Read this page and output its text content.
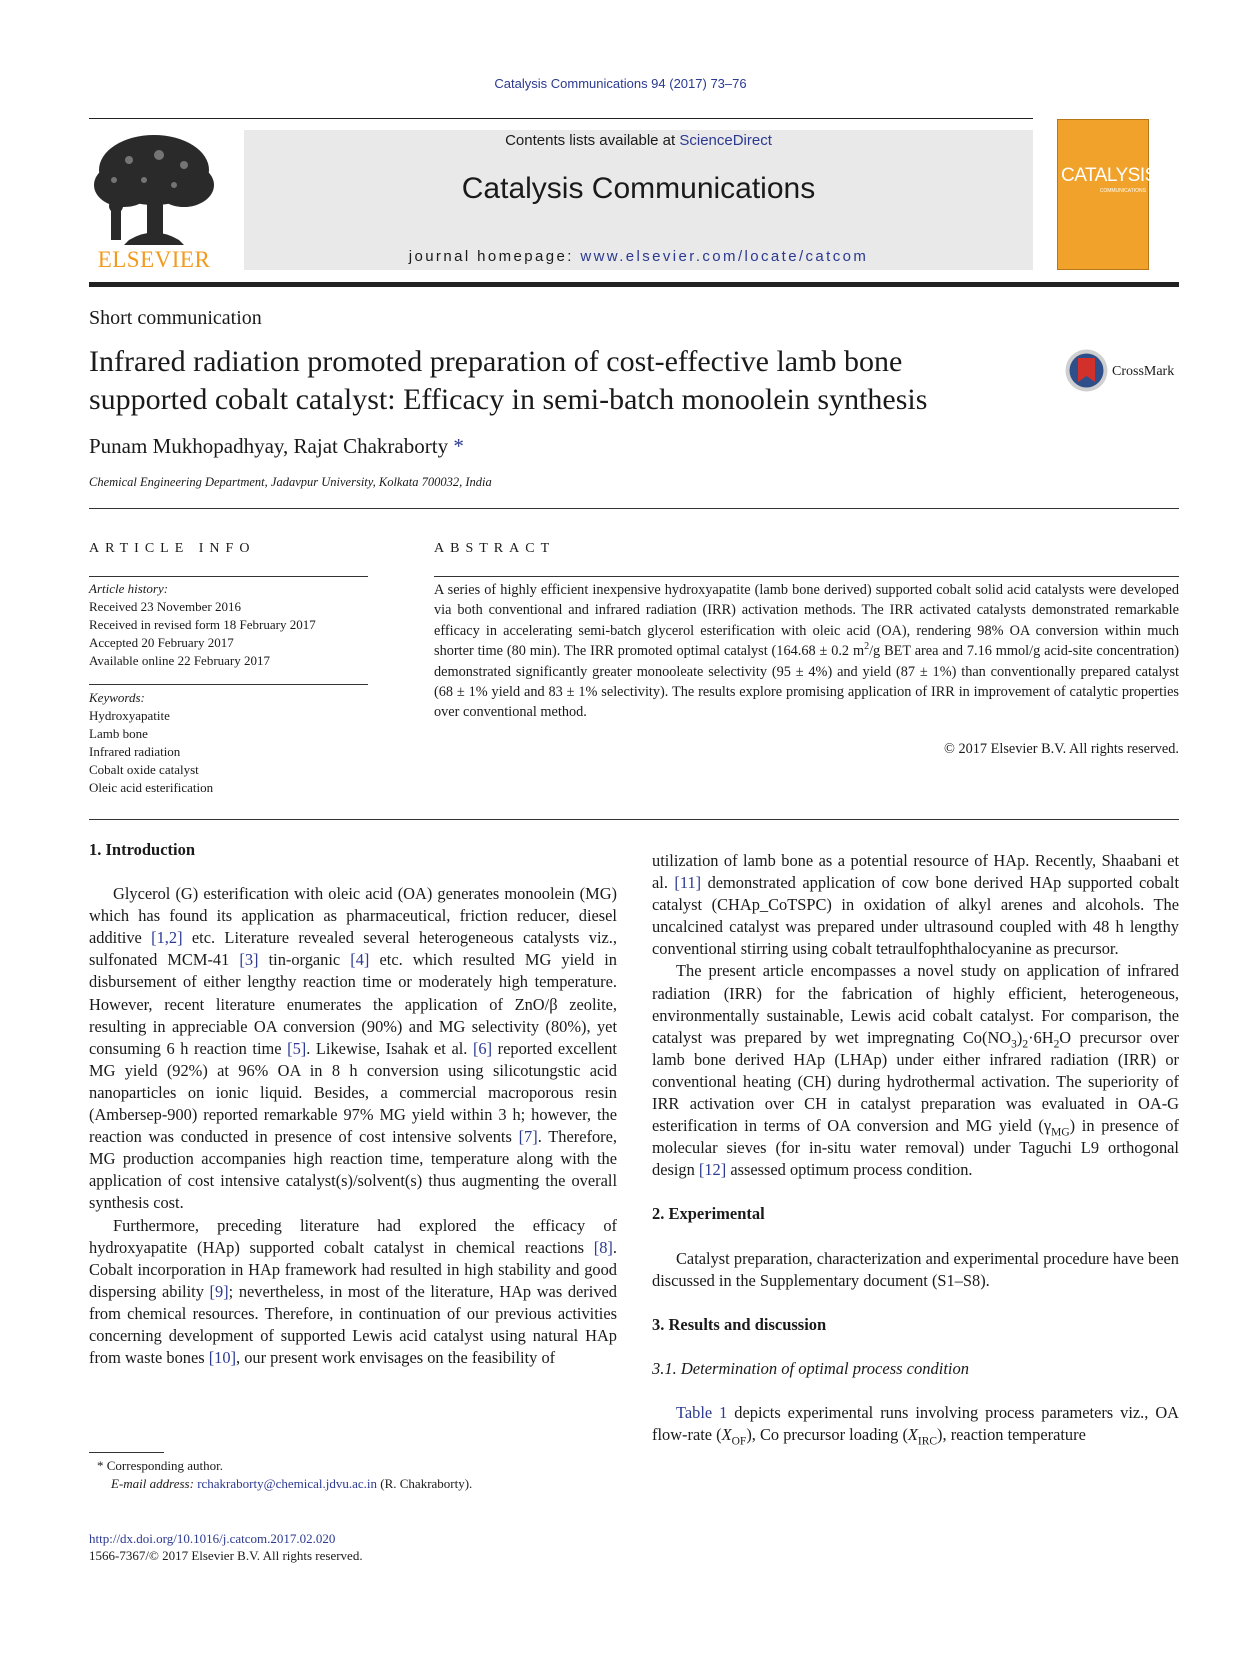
Catalysis Communications 94 (2017) 73–76
ELSEVIER
Contents lists available at ScienceDirect
Catalysis Communications
journal homepage: www.elsevier.com/locate/catcom
CATALYSIS
COMMUNICATIONS
Short communication
Infrared radiation promoted preparation of cost-effective lamb bone supported cobalt catalyst: Efficacy in semi-batch monoolein synthesis
CrossMark
Punam Mukhopadhyay, Rajat Chakraborty *
Chemical Engineering Department, Jadavpur University, Kolkata 700032, India
ARTICLE INFO	ABSTRACT
Article history:
Received 23 November 2016
Received in revised form 18 February 2017
Accepted 20 February 2017
Available online 22 February 2017
Keywords:
Hydroxyapatite
Lamb bone
Infrared radiation
Cobalt oxide catalyst
Oleic acid esterification
A series of highly efficient inexpensive hydroxyapatite (lamb bone derived) supported cobalt solid acid catalysts were developed via both conventional and infrared radiation (IRR) activation methods. The IRR activated catalysts demonstrated remarkable efficacy in accelerating semi-batch glycerol esterification with oleic acid (OA), rendering 98% OA conversion within much shorter time (80 min). The IRR promoted optimal catalyst (164.68 ± 0.2 $m^2/g$ BET area and 7.16 mmol/g acid-site concentration) demonstrated significantly greater monooleate selectivity (95 ± 4%) and yield (87 ± 1%) than conventionally prepared catalyst (68 ± 1% yield and 83 ± 1% selectivity). The results explore promising application of IRR in improvement of catalytic properties over conventional method.
© 2017 Elsevier B.V. All rights reserved.
1. Introduction

Glycerol (G) esterification with oleic acid (OA) generates monoolein (MG) which has found its application as pharmaceutical, friction reducer, diesel additive [1,2] etc. Literature revealed several heterogeneous catalysts viz., sulfonated MCM-41 [3] tin-organic [4] etc. which resulted MG yield in disbursement of either lengthy reaction time or moderately high temperature. However, recent literature enumerates the application of ZnO/β zeolite, resulting in appreciable OA conversion (90%) and MG selectivity (80%), yet consuming 6 h reaction time [5]. Likewise, Isahak et al. [6] reported excellent MG yield (92%) at 96% OA in 8 h conversion using silicotungstic acid nanoparticles on ionic liquid. Besides, a commercial macroporous resin (Ambersep-900) reported remarkable 97% MG yield within 3 h; however, the reaction was conducted in presence of cost intensive solvents [7]. Therefore, MG production accompanies high reaction time, temperature along with the application of cost intensive catalyst(s)/solvent(s) thus augmenting the overall synthesis cost.

Furthermore, preceding literature had explored the efficacy of hydroxyapatite (HAp) supported cobalt catalyst in chemical reactions [8]. Cobalt incorporation in HAp framework had resulted in high stability and good dispersing ability [9]; nevertheless, in most of the literature, HAp was derived from chemical resources. Therefore, in continuation of our previous activities concerning development of supported Lewis acid catalyst using natural HAp from waste bones [10], our present work envisages on the feasibility of

utilization of lamb bone as a potential resource of HAp. Recently, Shaabani et al. [11] demonstrated application of cow bone derived HAp supported cobalt catalyst (CHAp_CoTSPC) in oxidation of alkyl arenes and alcohols. The uncalcined catalyst was prepared under ultrasound coupled with 48 h lengthy conventional stirring using cobalt tetraulfophthalocyanine as precursor.

The present article encompasses a novel study on application of infrared radiation (IRR) for the fabrication of highly efficient, heterogeneous, environmentally sustainable, Lewis acid cobalt catalyst. For comparison, the catalyst was prepared by wet impregnating $Co(NO_3)_2\cdot 6H_2O$ precursor over lamb bone derived HAp (LHAp) under either infrared radiation (IRR) or conventional heating (CH) during hydrothermal activation. The superiority of IRR activation over CH in catalyst preparation was evaluated in OA-G esterification in terms of OA conversion and MG yield $(\gamma_{MG})$ in presence of molecular sieves (for in-situ water removal) under Taguchi L9 orthogonal design [12] assessed optimum process condition.

2. Experimental

Catalyst preparation, characterization and experimental procedure have been discussed in the Supplementary document (S1–S8).

3. Results and discussion
3.1. Determination of optimal process condition

Table 1 depicts experimental runs involving process parameters viz., OA flow-rate $(X_{OF})$, Co precursor loading $(X_{IRC})$, reaction temperature

* Corresponding author.
E-mail address: rchakraborty@chemical.jdvu.ac.in (R. Chakraborty).
http://dx.doi.org/10.1016/j.catcom.2017.02.020
1566-7367/© 2017 Elsevier B.V. All rights reserved.
